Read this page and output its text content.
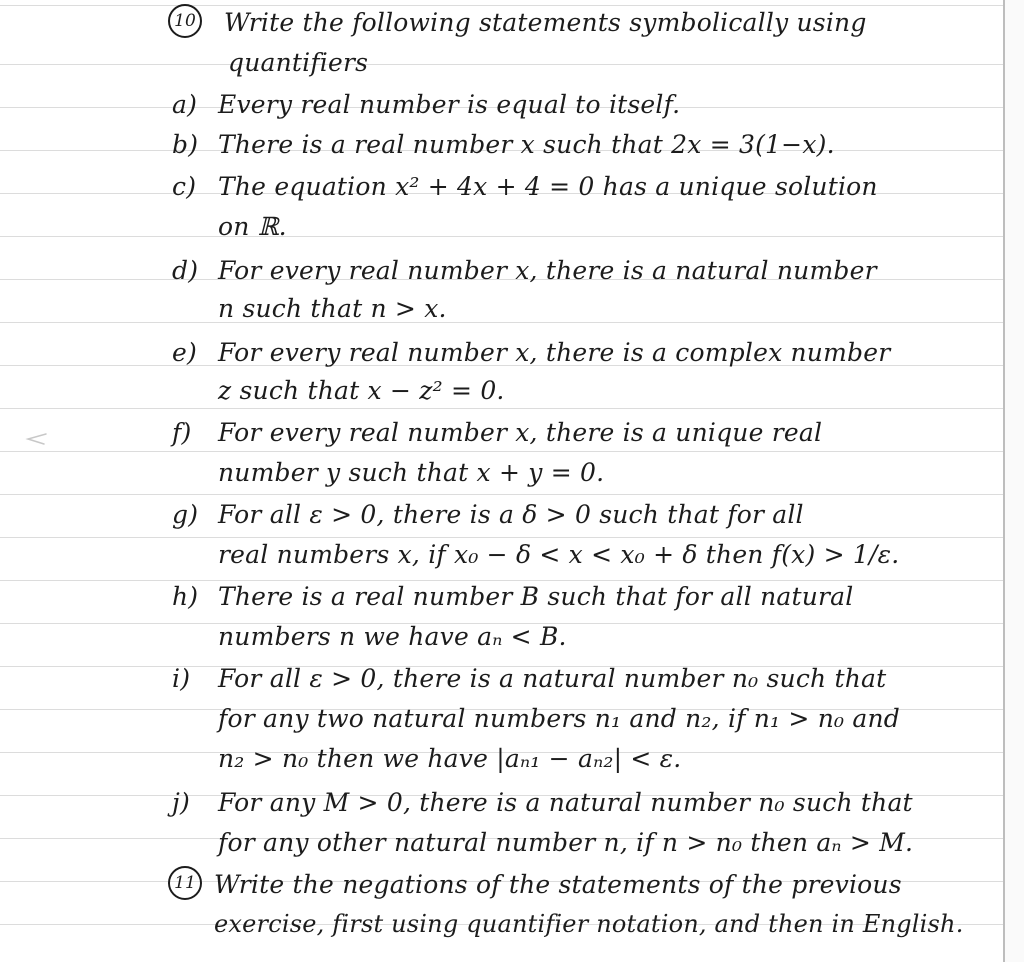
10 Write the following statements symbolically using
quantifiers
a) Every real number is equal to itself.
b) There is a real number x such that 2x = 3(1−x).
c) The equation x² + 4x + 4 = 0 has a unique solution
on ℝ.
d) For every real number x, there is a natural number
n such that n > x.
e) For every real number x, there is a complex number
z such that x − z² = 0.
f) For every real number x, there is a unique real
number y such that x + y = 0.
g) For all ε > 0, there is a δ > 0 such that for all
real numbers x, if x₀ − δ < x < x₀ + δ then f(x) > 1/ε.
h) There is a real number B such that for all natural
numbers n we have aₙ < B.
i) For all ε > 0, there is a natural number n₀ such that
for any two natural numbers n₁ and n₂, if n₁ > n₀ and
n₂ > n₀ then we have |aₙ₁ − aₙ₂| < ε.
j) For any M > 0, there is a natural number n₀ such that
for any other natural number n, if n > n₀ then aₙ > M.
11 Write the negations of the statements of the previous
exercise, first using quantifier notation, and then in English.
